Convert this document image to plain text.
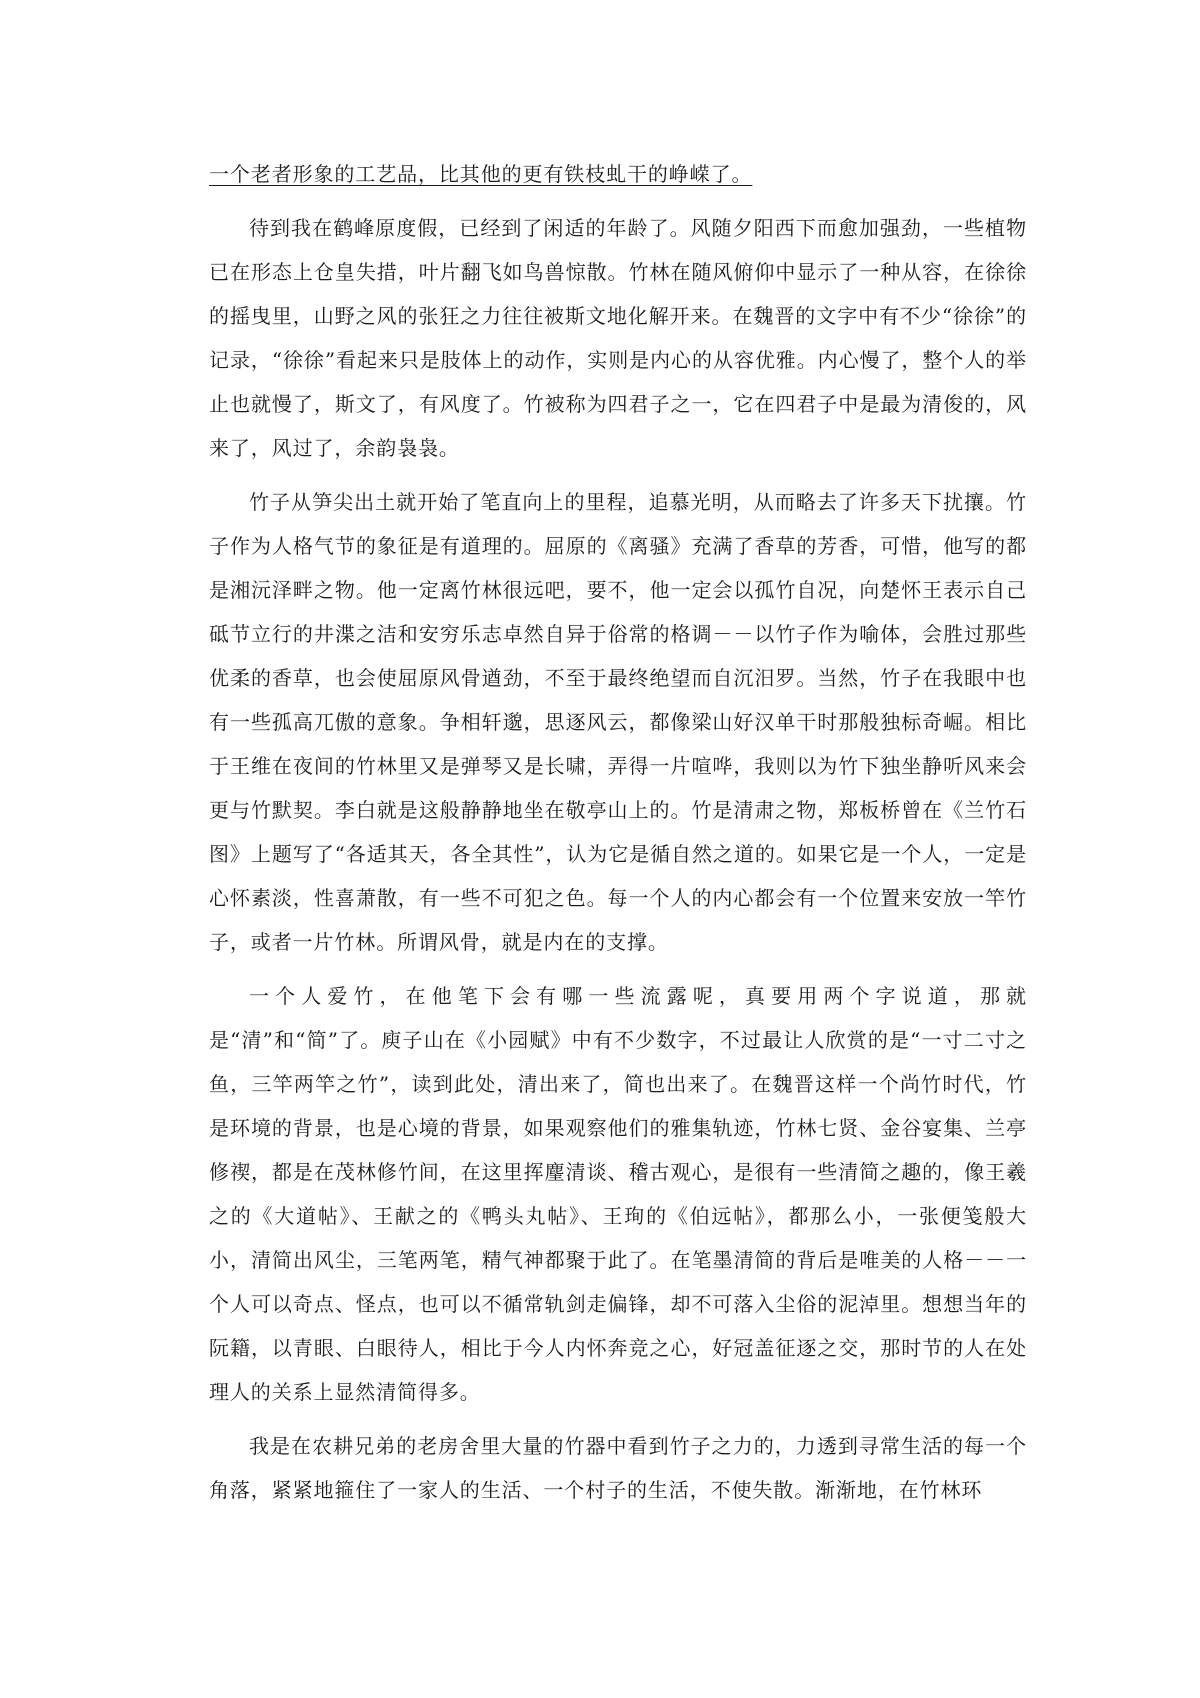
一个老者形象的工艺品，比其他的更有铁枝虬干的峥嵘了。

待到我在鹤峰原度假，已经到了闲适的年龄了。风随夕阳西下而愈加强劲，一些植物已在形态上仓皇失措，叶片翻飞如鸟兽惊散。竹林在随风俯仰中显示了一种从容，在徐徐的摇曳里，山野之风的张狂之力往往被斯文地化解开来。在魏晋的文字中有不少“徐徐”的记录，“徐徐”看起来只是肢体上的动作，实则是内心的从容优雅。内心慢了，整个人的举止也就慢了，斯文了，有风度了。竹被称为四君子之一，它在四君子中是最为清俊的，风来了，风过了，余韵袅袅。

竹子从笋尖出土就开始了笔直向上的里程，追慕光明，从而略去了许多天下扰攘。竹子作为人格气节的象征是有道理的。屈原的《离骚》充满了香草的芳香，可惜，他写的都是湘沅泽畔之物。他一定离竹林很远吧，要不，他一定会以孤竹自况，向楚怀王表示自己砥节立行的井渫之洁和安穷乐志卓然自异于俗常的格调－－以竹子作为喻体，会胜过那些优柔的香草，也会使屈原风骨遒劲，不至于最终绝望而自沉汨罗。当然，竹子在我眼中也有一些孤高兀傲的意象。争相轩邈，思逐风云，都像梁山好汉单干时那般独标奇崛。相比于王维在夜间的竹林里又是弹琴又是长啸，弄得一片喧哗，我则以为竹下独坐静听风来会更与竹默契。李白就是这般静静地坐在敬亭山上的。竹是清肃之物，郑板桥曾在《兰竹石图》上题写了“各适其天，各全其性”，认为它是循自然之道的。如果它是一个人，一定是心怀素淡，性喜萧散，有一些不可犯之色。每一个人的内心都会有一个位置来安放一竿竹子，或者一片竹林。所谓风骨，就是内在的支撑。

一个人爱竹，在他笔下会有哪一些流露呢，真要用两个字说道，那就是“清”和“简”了。庾子山在《小园赋》中有不少数字，不过最让人欣赏的是“一寸二寸之鱼，三竿两竿之竹”，读到此处，清出来了，简也出来了。在魏晋这样一个尚竹时代，竹是环境的背景，也是心境的背景，如果观察他们的雅集轨迹，竹林七贤、金谷宴集、兰亭修禊，都是在茂林修竹间，在这里挥麈清谈、稽古观心，是很有一些清简之趣的，像王羲之的《大道帖》、王献之的《鸭头丸帖》、王珣的《伯远帖》，都那么小，一张便笺般大小，清简出风尘，三笔两笔，精气神都聚于此了。在笔墨清简的背后是唯美的人格－－一个人可以奇点、怪点，也可以不循常轨剑走偏锋，却不可落入尘俗的泥淖里。想想当年的阮籍，以青眼、白眼待人，相比于今人内怀奔竞之心，好冠盖征逐之交，那时节的人在处理人的关系上显然清简得多。

我是在农耕兄弟的老房舍里大量的竹器中看到竹子之力的，力透到寻常生活的每一个角落，紧紧地箍住了一家人的生活、一个村子的生活，不使失散。渐渐地，在竹林环
